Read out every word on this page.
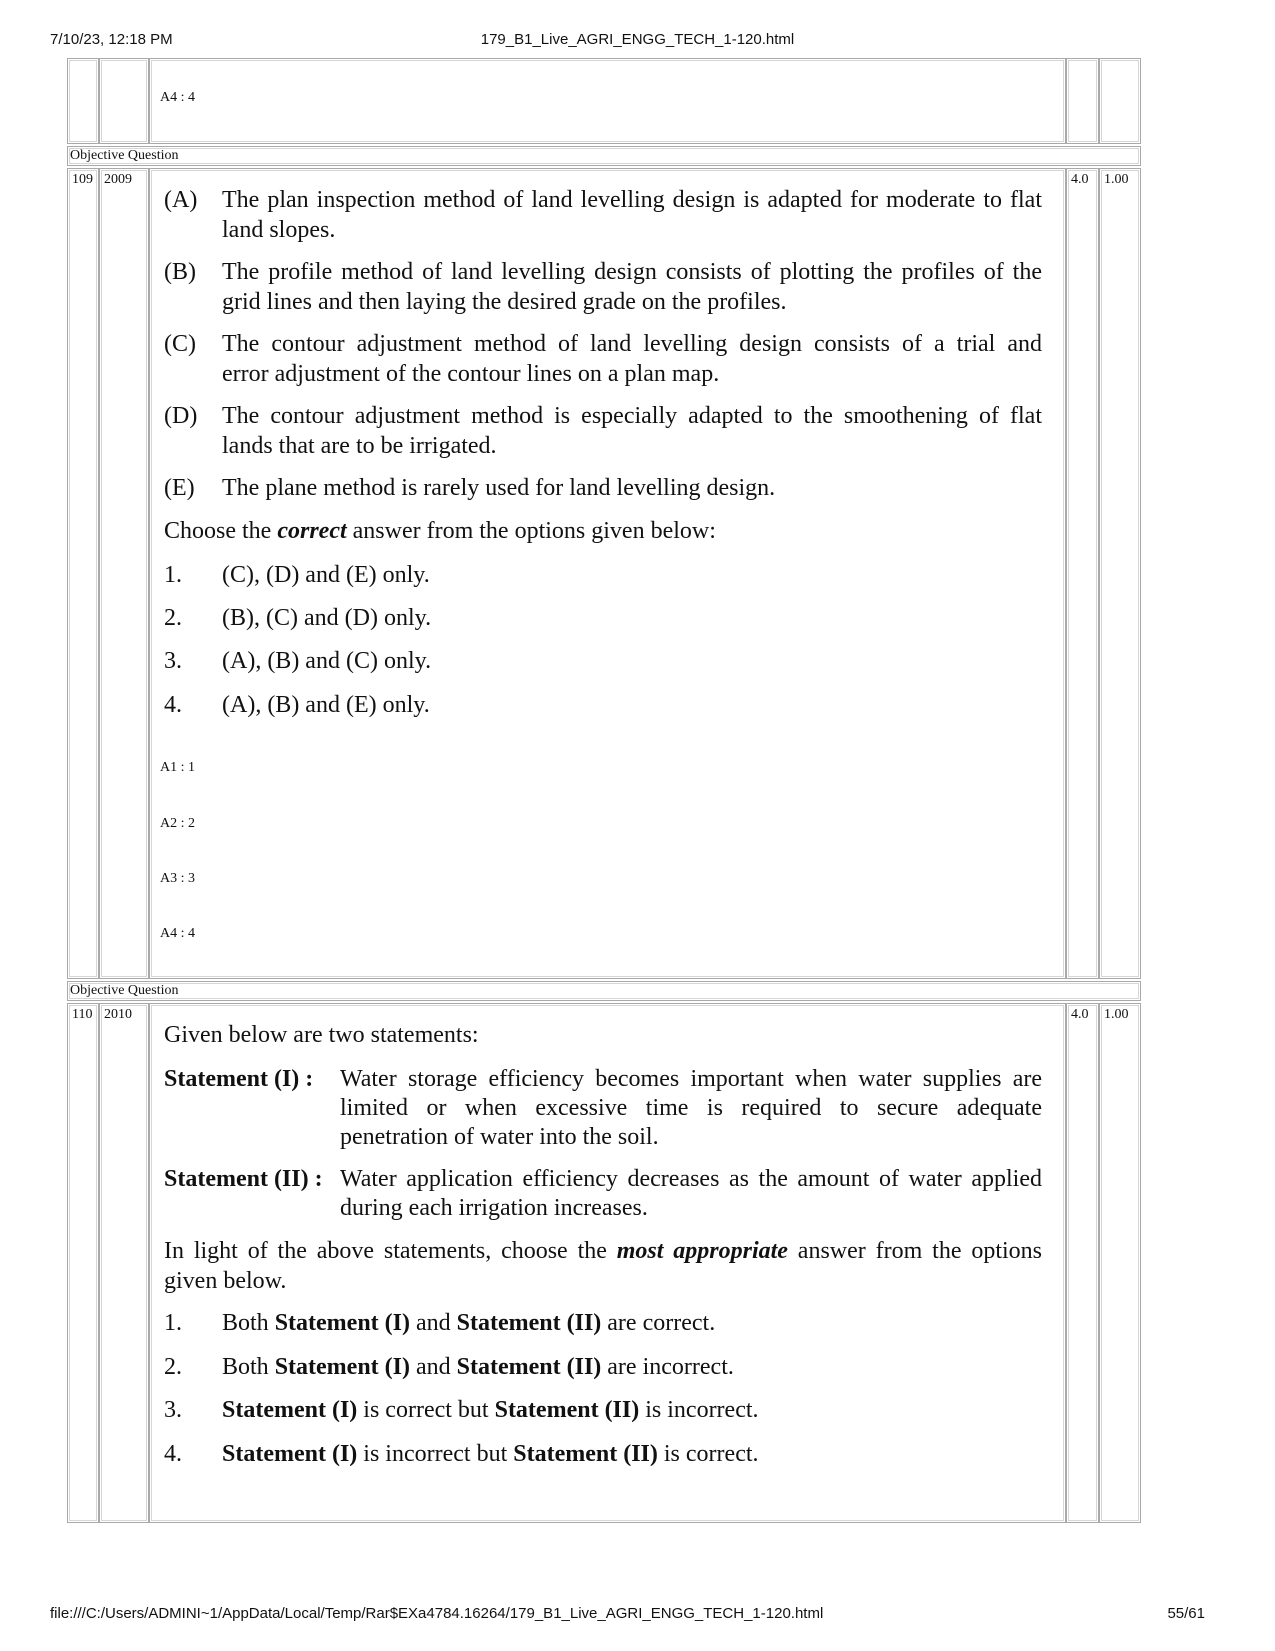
7/10/23, 12:18 PM	179_B1_Live_AGRI_ENGG_TECH_1-120.html
file:///C:/Users/ADMINI~1/AppData/Local/Temp/Rar$EXa4784.16264/179_B1_Live_AGRI_ENGG_TECH_1-120.html	55/61
A4 : 4
Objective Question
109 2009
(A) The plan inspection method of land levelling design is adapted for moderate to flat
land slopes.
(B) The profile method of land levelling design consists of plotting the profiles of the
grid lines and then laying the desired grade on the profiles.
(C) The contour adjustment method of land levelling design consists of a trial and
error adjustment of the contour lines on a plan map.
(D) The contour adjustment method is especially adapted to the smoothening of flat
lands that are to be irrigated.
(E) The plane method is rarely used for land levelling design.
Choose the correct answer from the options given below:
1. (C), (D) and (E) only.
2. (B), (C) and (D) only.
3. (A), (B) and (C) only.
4. (A), (B) and (E) only.
A1 : 1
A2 : 2
A3 : 3
A4 : 4
4.0 1.00
Objective Question
110 2010
Given below are two statements:
Statement (I) : Water storage efficiency becomes important when water supplies are
limited or when excessive time is required to secure adequate
penetration of water into the soil.
Statement (II) : Water application efficiency decreases as the amount of water applied
during each irrigation increases.
In light of the above statements, choose the most appropriate answer from the options
given below.
1. Both Statement (I) and Statement (II) are correct.
2. Both Statement (I) and Statement (II) are incorrect.
3. Statement (I) is correct but Statement (II) is incorrect.
4. Statement (I) is incorrect but Statement (II) is correct.
4.0 1.00
